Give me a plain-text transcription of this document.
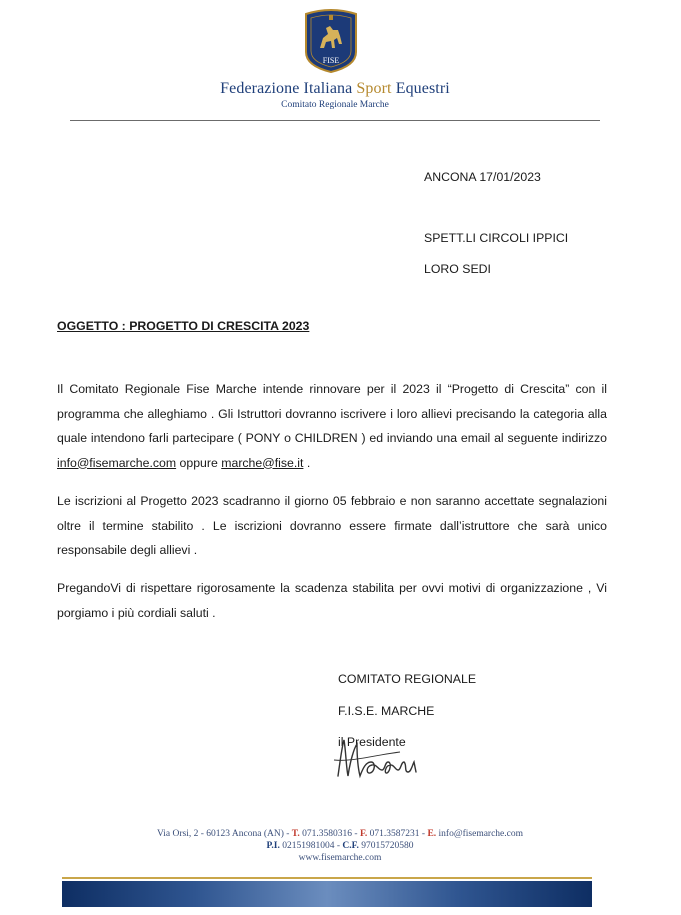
FISE
Federazione Italiana Sport Equestri
Comitato Regionale Marche
ANCONA 17/01/2023
SPETT.LI CIRCOLI IPPICI
LORO SEDI
OGGETTO : PROGETTO DI CRESCITA 2023
Il Comitato Regionale Fise Marche intende rinnovare per il 2023 il “Progetto di Crescita” con il programma che alleghiamo . Gli Istruttori dovranno iscrivere i loro allievi precisando la categoria alla quale intendono farli partecipare ( PONY o CHILDREN ) ed inviando una email al seguente indirizzo info@fisemarche.com oppure marche@fise.it .
Le iscrizioni al Progetto 2023 scadranno il giorno 05 febbraio e non saranno accettate segnalazioni oltre il termine stabilito . Le iscrizioni dovranno essere firmate dall’istruttore che sarà unico responsabile degli allievi .
PregandoVi di rispettare rigorosamente la scadenza stabilita per ovvi motivi di organizzazione , Vi porgiamo i più cordiali saluti .
COMITATO REGIONALE
F.I.S.E. MARCHE
il Presidente
Via Orsi, 2 - 60123 Ancona (AN) - T. 071.3580316 - F. 071.3587231 - E. info@fisemarche.com
P.I. 02151981004 - C.F. 97015720580
www.fisemarche.com
